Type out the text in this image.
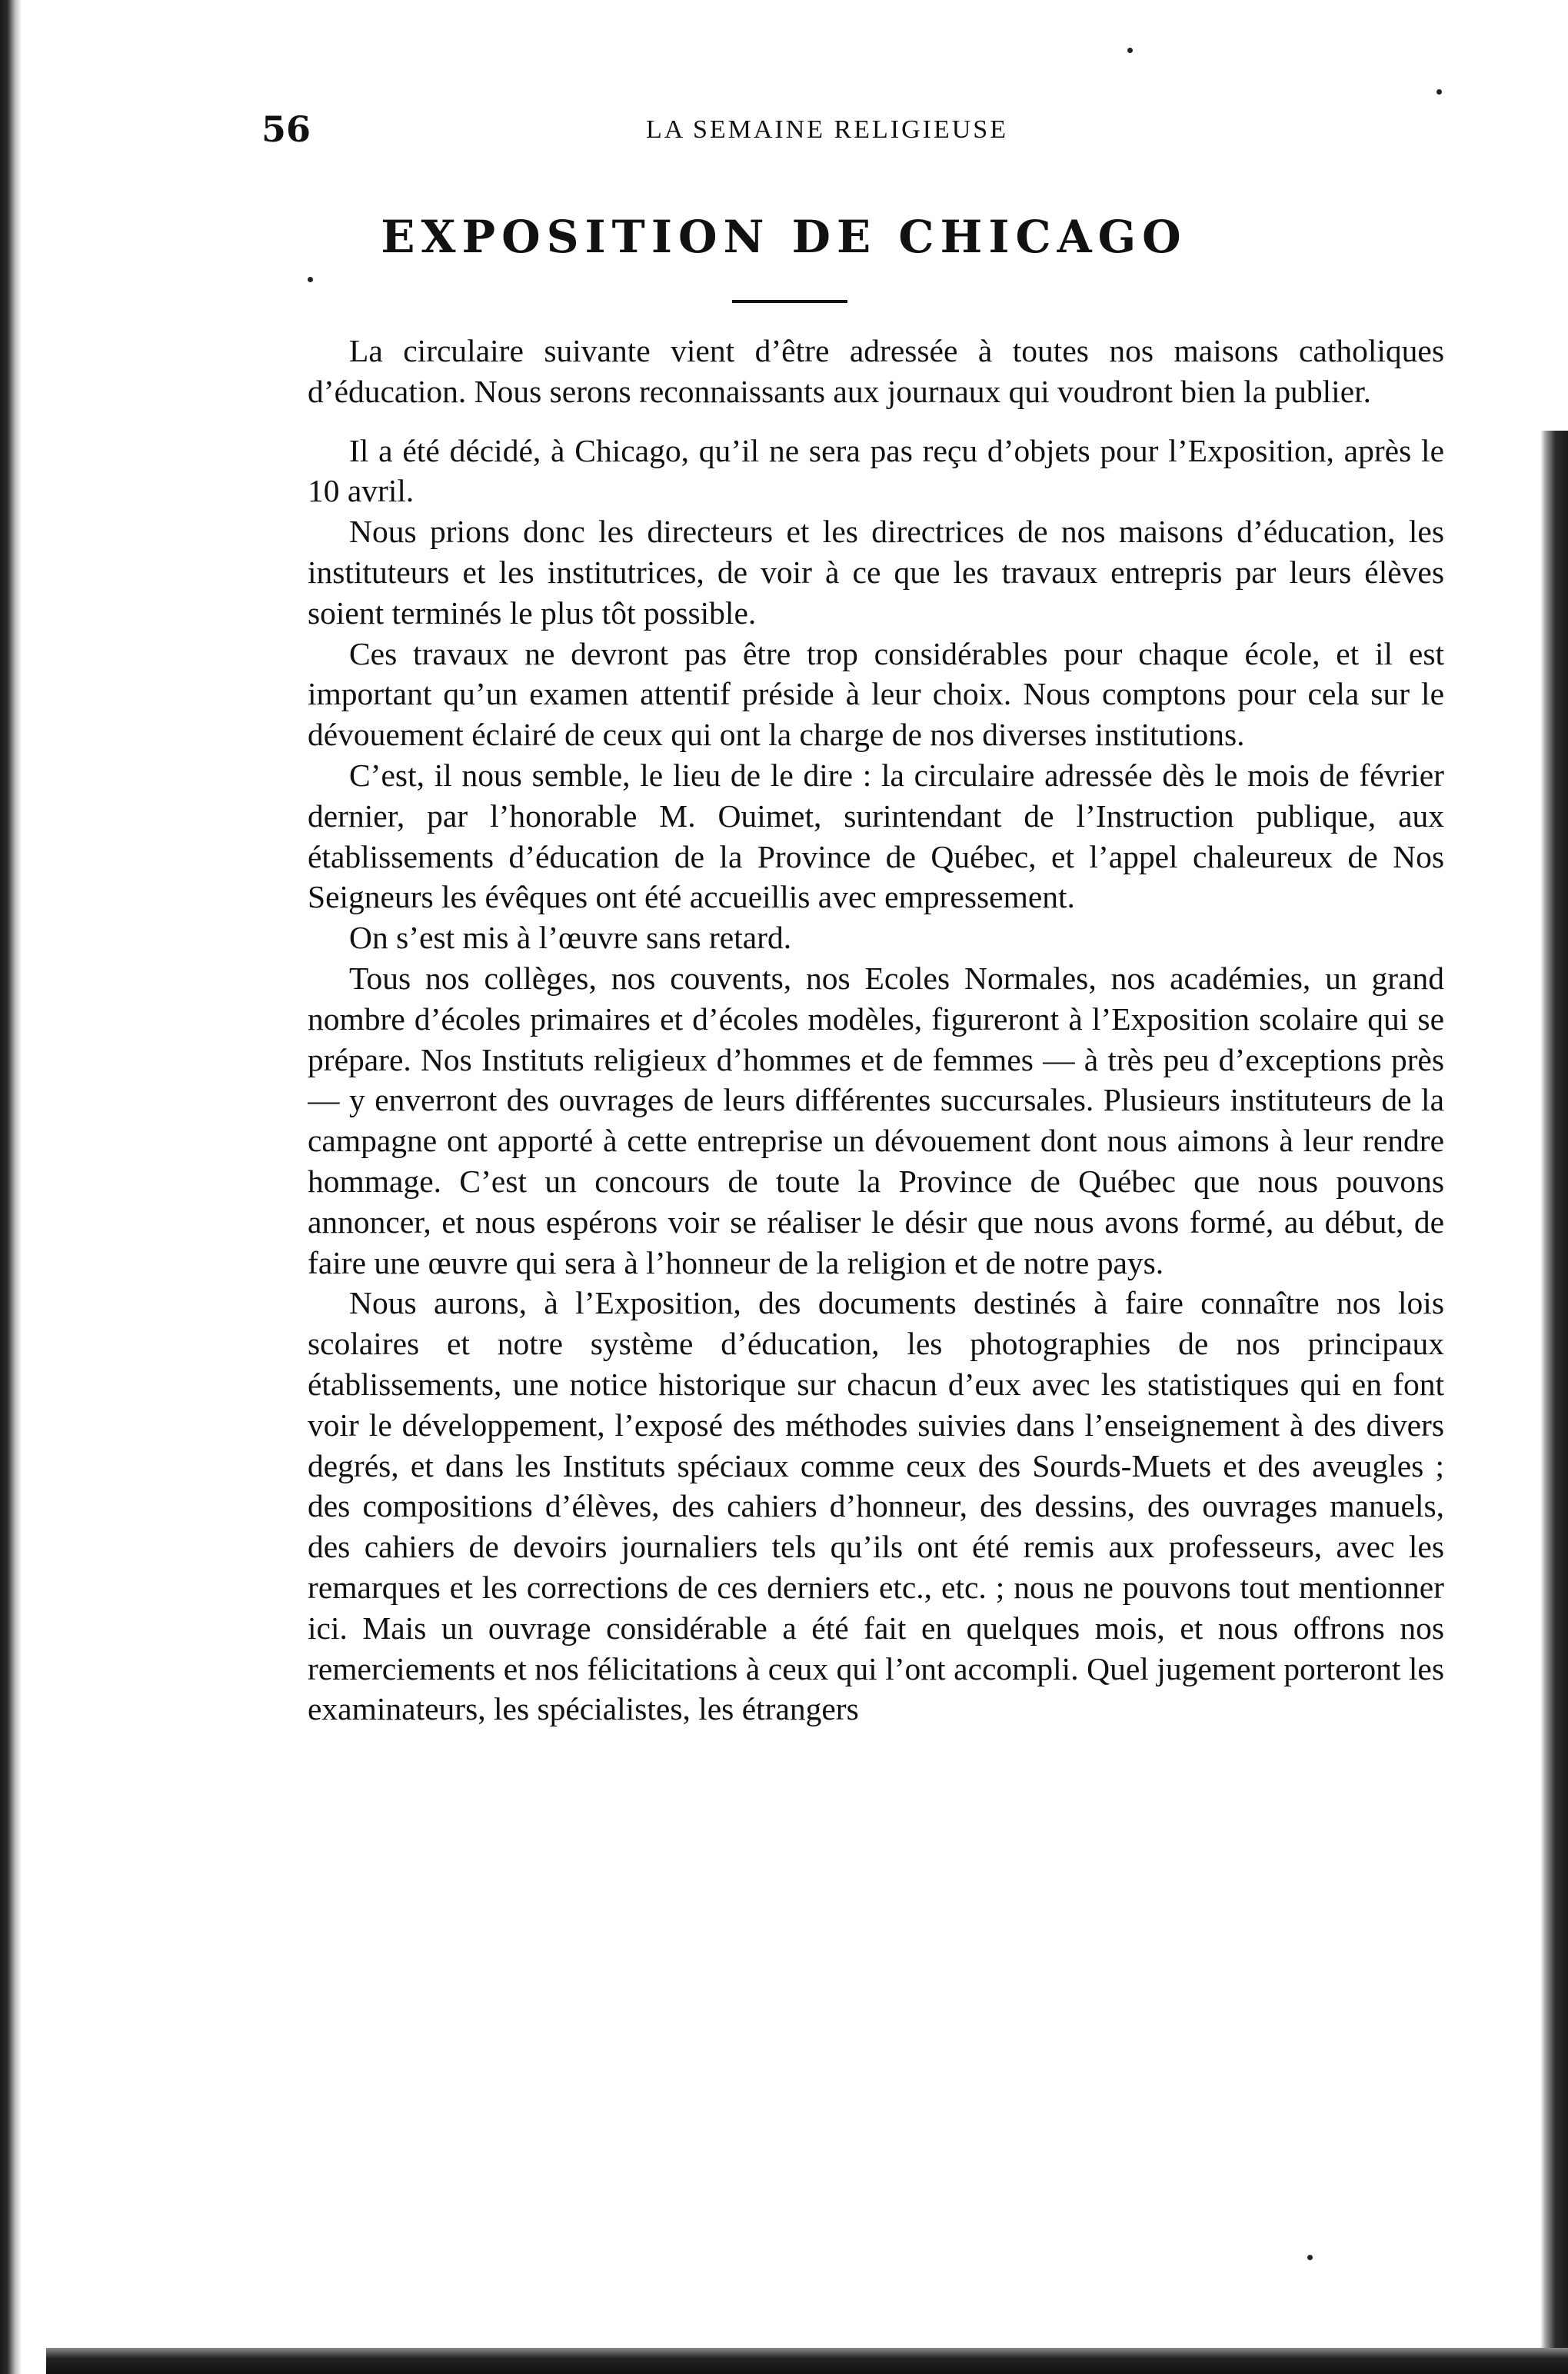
56	LA SEMAINE RELIGIEUSE
EXPOSITION DE CHICAGO

La circulaire suivante vient d’être adressée à toutes nos maisons catholiques d’éducation. Nous serons reconnaissants aux journaux qui voudront bien la publier.

Il a été décidé, à Chicago, qu’il ne sera pas reçu d’objets pour l’Exposition, après le 10 avril.

Nous prions donc les directeurs et les directrices de nos maisons d’éducation, les instituteurs et les institutrices, de voir à ce que les travaux entrepris par leurs élèves soient terminés le plus tôt possible.

Ces travaux ne devront pas être trop considérables pour chaque école, et il est important qu’un examen attentif préside à leur choix. Nous comptons pour cela sur le dévouement éclairé de ceux qui ont la charge de nos diverses institutions.

C’est, il nous semble, le lieu de le dire : la circulaire adressée dès le mois de février dernier, par l’honorable M. Ouimet, surintendant de l’Instruction publique, aux établissements d’éducation de la Province de Québec, et l’appel chaleureux de Nos Seigneurs les évêques ont été accueillis avec empressement.

On s’est mis à l’œuvre sans retard.

Tous nos collèges, nos couvents, nos Ecoles Normales, nos académies, un grand nombre d’écoles primaires et d’écoles modèles, figureront à l’Exposition scolaire qui se prépare. Nos Instituts religieux d’hommes et de femmes — à très peu d’exceptions près — y enverront des ouvrages de leurs différentes succursales. Plusieurs instituteurs de la campagne ont apporté à cette entreprise un dévouement dont nous aimons à leur rendre hommage. C’est un concours de toute la Province de Québec que nous pouvons annoncer, et nous espérons voir se réaliser le désir que nous avons formé, au début, de faire une œuvre qui sera à l’honneur de la religion et de notre pays.

Nous aurons, à l’Exposition, des documents destinés à faire connaître nos lois scolaires et notre système d’éducation, les photographies de nos principaux établissements, une notice historique sur chacun d’eux avec les statistiques qui en font voir le développement, l’exposé des méthodes suivies dans l’enseignement à des divers degrés, et dans les Instituts spéciaux comme ceux des Sourds-Muets et des aveugles ; des compositions d’élèves, des cahiers d’honneur, des dessins, des ouvrages manuels, des cahiers de devoirs journaliers tels qu’ils ont été remis aux professeurs, avec les remarques et les corrections de ces derniers etc., etc. ; nous ne pouvons tout mentionner ici. Mais un ouvrage considérable a été fait en quelques mois, et nous offrons nos remerciements et nos félicitations à ceux qui l’ont accompli. Quel jugement porteront les examinateurs, les spécialistes, les étrangers
